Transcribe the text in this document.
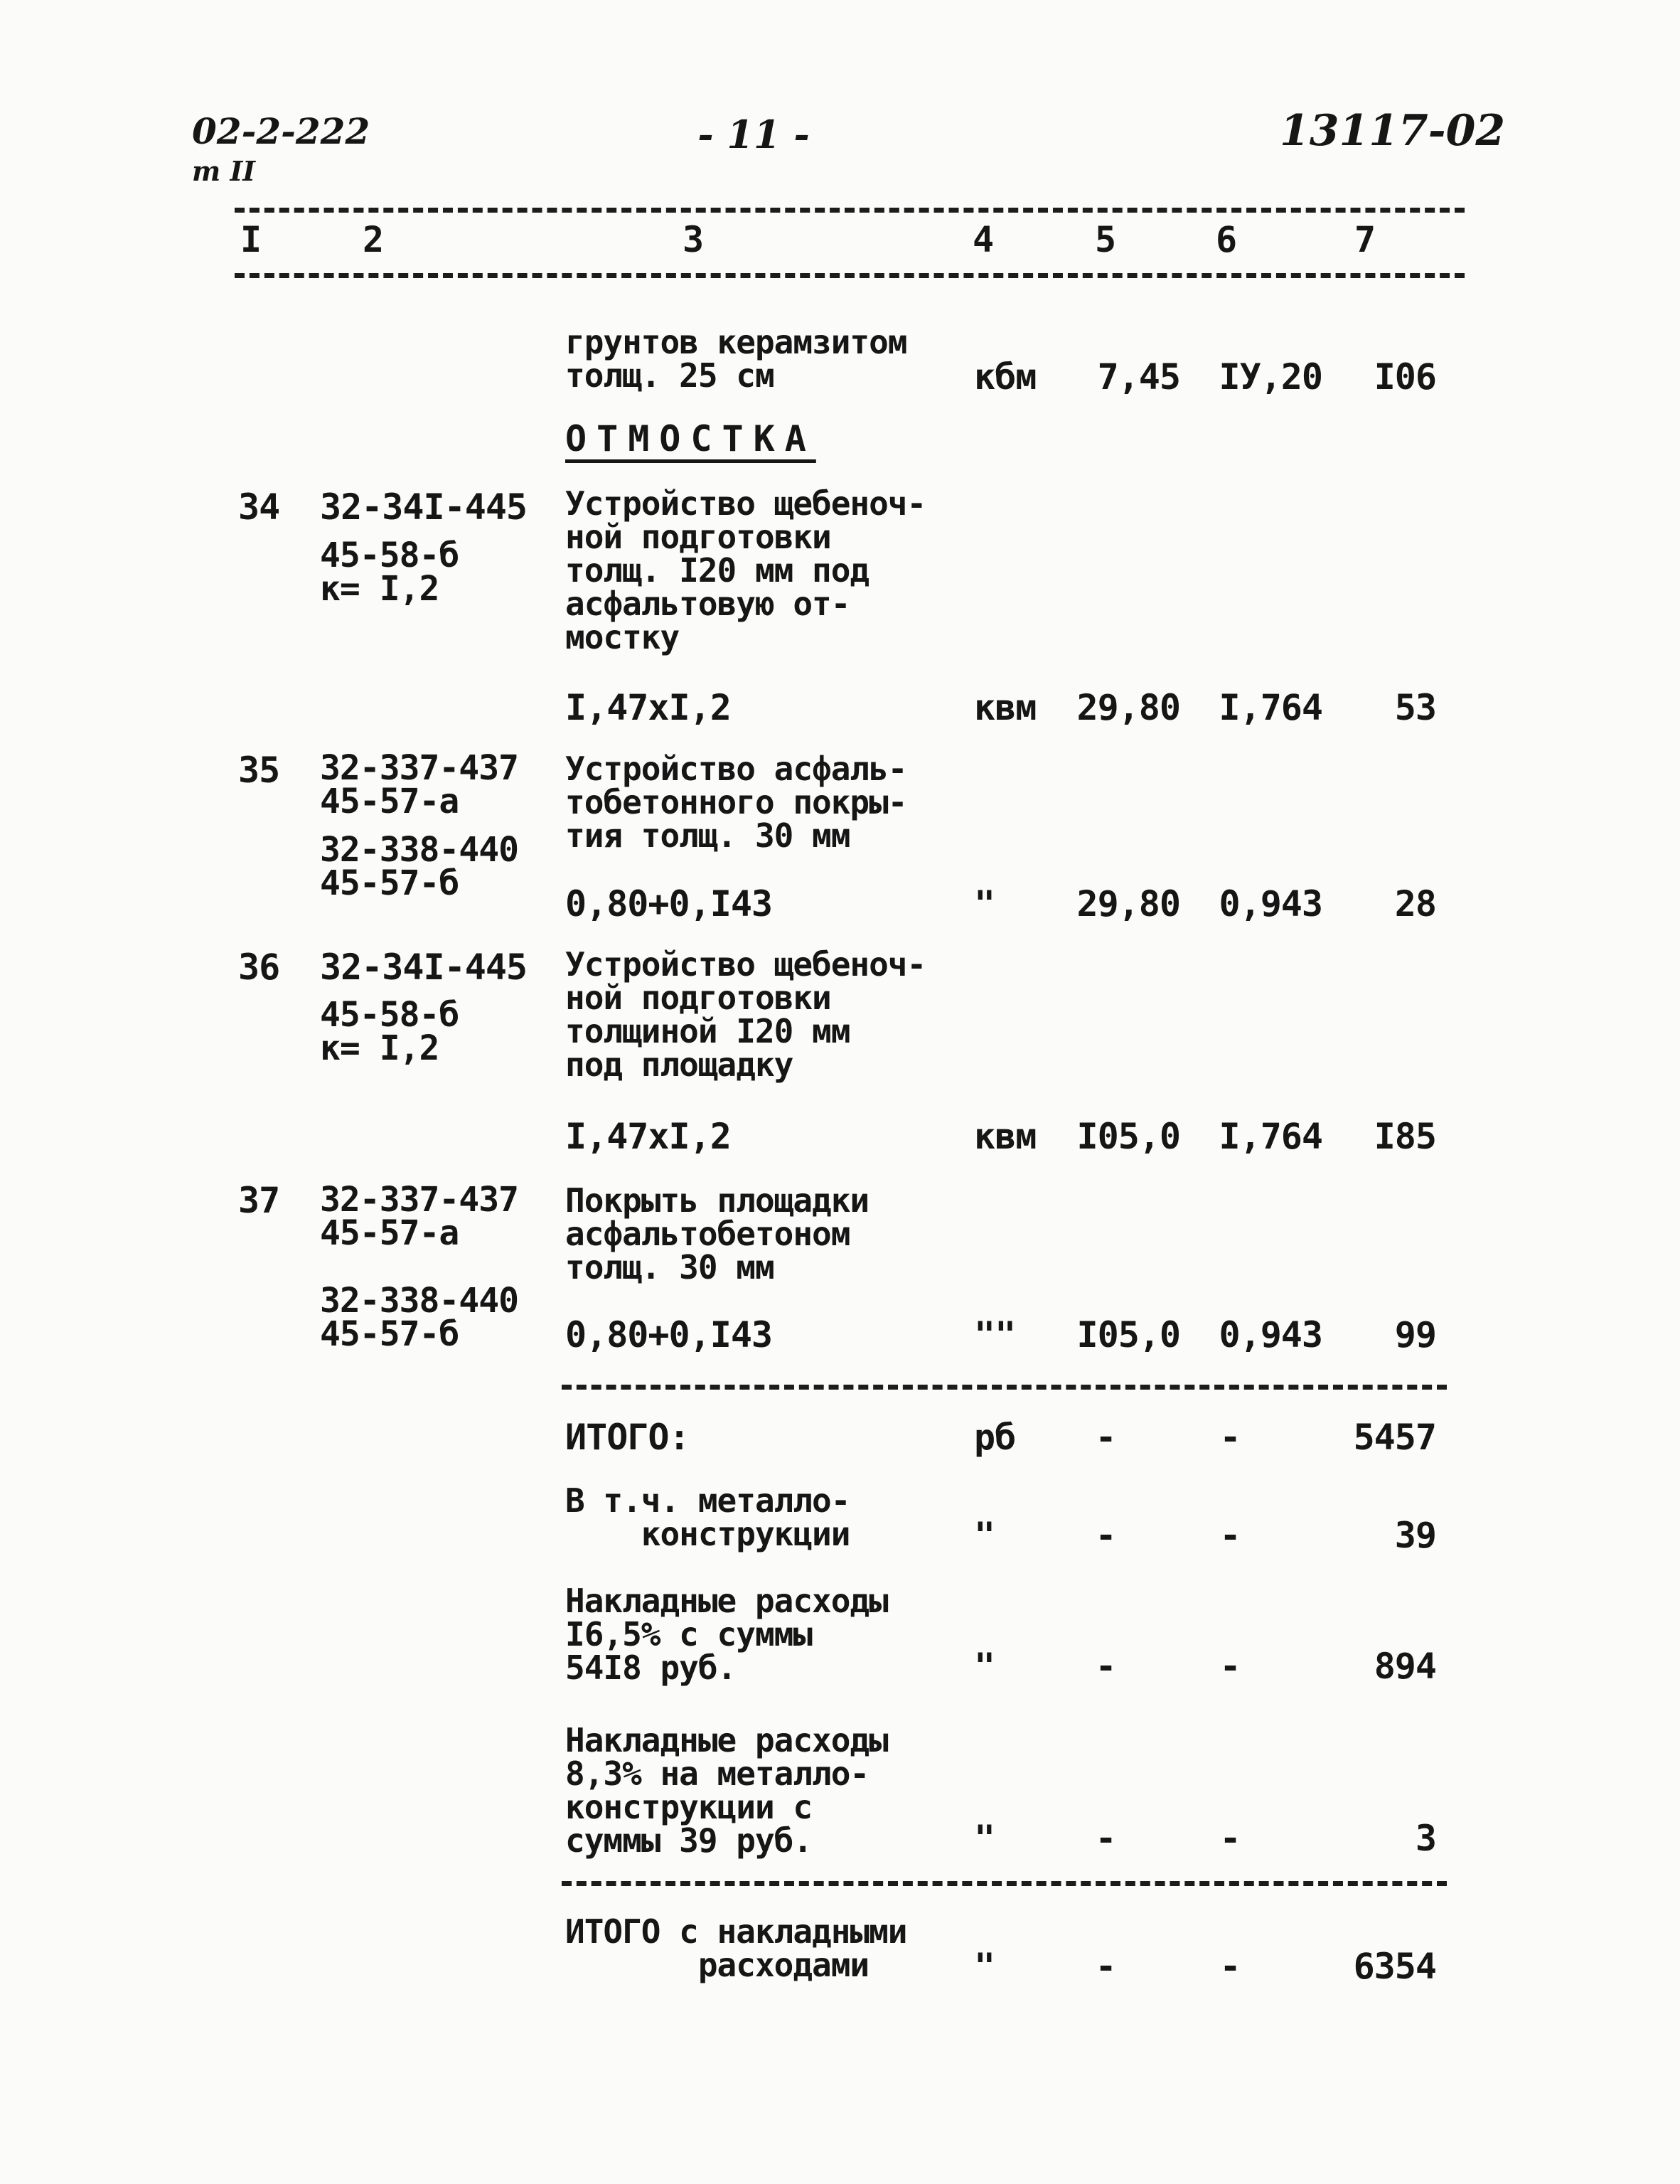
02-2-222
т II
- 11 -	13117-02
I	2	3	4	5	6	7
грунтов керамзитом
толщ. 25 см	кбм	7,45	IУ,20	I06
ОТМОСТКА
34 32-34I-445
45-58-б
к= I,2
Устройство щебеноч-
ной подготовки
толщ. I20 мм под
асфальтовую от-
мостку
I,47хI,2	квм	29,80	I,764	53
35 32-337-437
45-57-а
32-338-440
45-57-б
Устройство асфаль-
тобетонного покры-
тия толщ. 30 мм
0,80+0,I43	"	29,80	0,943	28
36 32-34I-445
45-58-б
к= I,2
Устройство щебеноч-
ной подготовки
толщиной I20 мм
под площадку
I,47хI,2	квм	I05,0	I,764	I85
37 32-337-437
45-57-а
32-338-440
45-57-б
Покрыть площадки
асфальтобетоном
толщ. 30 мм
0,80+0,I43	""	I05,0	0,943	99
ИТОГО:	рб	-	-	5457
В т.ч. металло-
конструкции	"	-	-	39
Накладные расходы
I6,5% с суммы
54I8 руб.	"	-	-	894
Накладные расходы
8,3% на металло-
конструкции с
суммы 39 руб.	"	-	-	3
ИТОГО с накладными
расходами	"	-	-	6354
